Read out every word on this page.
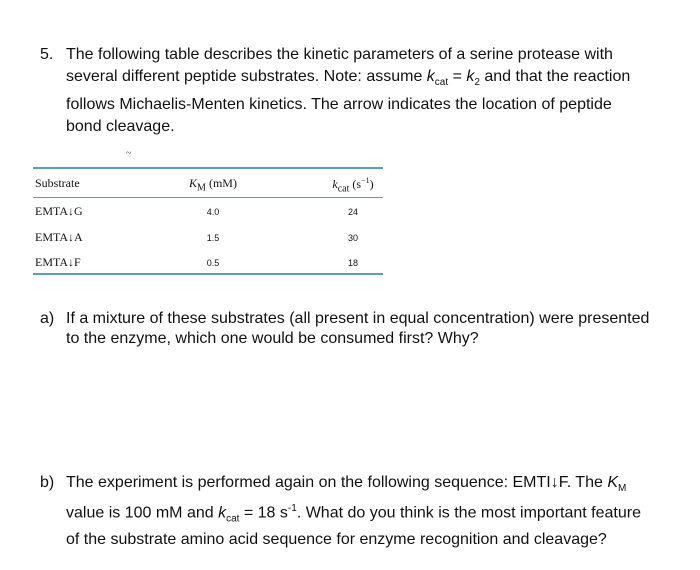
5. The following table describes the kinetic parameters of a serine protease with
several different peptide substrates. Note: assume $k_{cat} = k_2$ and that the reaction
follows Michaelis-Menten kinetics. The arrow indicates the location of peptide
bond cleavage.
~
Substrate	$K_M$ (mM)	$k_{cat}$ $(s^{-1})$
EMTA↓G	4.0	24
EMTA↓A	1.5	30
EMTA↓F	0.5	18
a) If a mixture of these substrates (all present in equal concentration) were presented
to the enzyme, which one would be consumed first? Why?
b) The experiment is performed again on the following sequence: EMTI↓F. The $K_M$
value is 100 mM and $k_{cat} = 18$ $s^{-1}$. What do you think is the most important feature
of the substrate amino acid sequence for enzyme recognition and cleavage?
